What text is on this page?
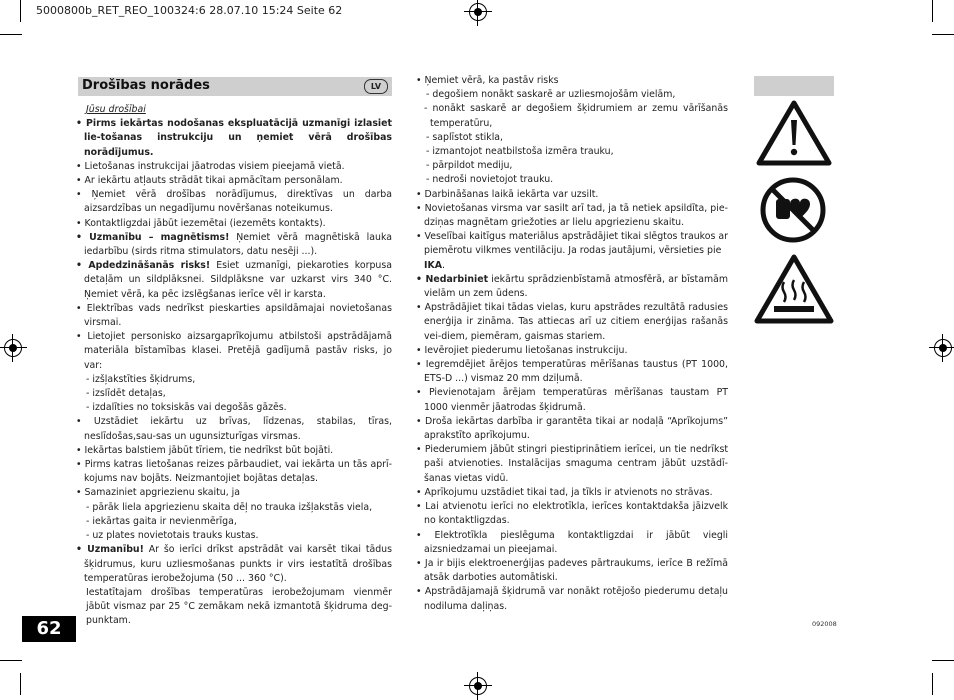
5000800b_RET_REO_100324:6 28.07.10 15:24 Seite 62
Drošības norādes	LV

Jūsu drošībai

• Pirms iekārtas nodošanas ekspluatācijā uzmanīgi izlasiet lie-tošanas instrukciju un ņemiet vērā drošības norādījumus.

• Lietošanas instrukcijai jāatrodas visiem pieejamā vietā.

• Ar iekārtu atļauts strādāt tikai apmācītam personālam.

• Ņemiet vērā drošības norādījumus, direktīvas un darba aizsardzības un negadījumu novēršanas noteikumus.

• Kontaktligzdai jābūt iezemētai (iezemēts kontakts).

• Uzmanību – magnētisms! Ņemiet vērā magnētiskā lauka iedarbību (sirds ritma stimulators, datu nesēji ...).

• Apdedzināšanās risks! Esiet uzmanīgi, piekaroties korpusa detaļām un sildplāksnei. Sildplāksne var uzkarst virs 340 °C. Ņemiet vērā, ka pēc izslēgšanas ierīce vēl ir karsta.

• Elektrības vads nedrīkst pieskarties apsildāmajai novietošanas virsmai.

• Lietojiet personisko aizsargaprīkojumu atbilstoši apstrādājamā materiāla bīstamības klasei. Pretējā gadījumā pastāv risks, jo var:

- izšļakstīties šķidrums,

- izslīdēt detaļas,

- izdalīties no toksiskās vai degošās gāzēs.

• Uzstādiet iekārtu uz brīvas, līdzenas, stabilas, tīras, neslīdošas,sau-sas un ugunsizturīgas virsmas.

• Iekārtas balstiem jābūt tīriem, tie nedrīkst būt bojāti.

• Pirms katras lietošanas reizes pārbaudiet, vai iekārta un tās aprī-kojums nav bojāts. Neizmantojiet bojātas detaļas.

• Samaziniet apgriezienu skaitu, ja

- pārāk liela apgriezienu skaita dēļ no trauka izšļakstās viela,

- iekārtas gaita ir nevienmērīga,

- uz plates novietotais trauks kustas.

• Uzmanību! Ar šo ierīci drīkst apstrādāt vai karsēt tikai tādus šķidrumus, kuru uzliesmošanas punkts ir virs iestatītā drošības temperatūras ierobežojuma (50 ... 360 °C).

Iestatītajam drošības temperatūras ierobežojumam vienmēr jābūt vismaz par 25 °C zemākam nekā izmantotā šķidruma deg-punktam.

• Ņemiet vērā, ka pastāv risks

- degošiem nonākt saskarē ar uzliesmojošām vielām,

- nonākt saskarē ar degošiem šķidrumiem ar zemu vārīšanās temperatūru,

- saplīstot stikla,

- izmantojot neatbilstoša izmēra trauku,

- pārpildot mediju,

- nedroši novietojot trauku.

• Darbināšanas laikā iekārta var uzsilt.

• Novietošanas virsma var sasilt arī tad, ja tā netiek apsildīta, pie-dziņas magnētam griežoties ar lielu apgriezienu skaitu.

• Veselībai kaitīgus materiālus apstrādājiet tikai slēgtos traukos ar piemērotu vilkmes ventilāciju. Ja rodas jautājumi, vērsieties pie
IKA.

• Nedarbiniet iekārtu sprādzienbīstamā atmosfērā, ar bīstamām vielām un zem ūdens.

• Apstrādājiet tikai tādas vielas, kuru apstrādes rezultātā radusies enerģija ir zināma. Tas attiecas arī uz citiem enerģijas rašanās vei-diem, piemēram, gaismas stariem.

• Ievērojiet piederumu lietošanas instrukciju.

• Iegremdējiet ārējos temperatūras mērīšanas taustus (PT 1000, ETS-D ...) vismaz 20 mm dziļumā.

• Pievienotajam ārējam temperatūras mērīšanas taustam PT 1000 vienmēr jāatrodas šķidrumā.

• Droša iekārtas darbība ir garantēta tikai ar nodaļā “Aprīkojums” aprakstīto aprīkojumu.

• Piederumiem jābūt stingri piestiprinātiem ierīcei, un tie nedrīkst paši atvienoties. Instalācijas smaguma centram jābūt uzstādī-šanas vietas vidū.

• Aprīkojumu uzstādiet tikai tad, ja tīkls ir atvienots no strāvas.

• Lai atvienotu ierīci no elektrotīkla, ierīces kontaktdakša jāizvelk no kontaktligzdas.

• Elektrotīkla pieslēguma kontaktligzdai ir jābūt viegli aizsniedzamai un pieejamai.

• Ja ir bijis elektroenerģijas padeves pārtraukums, ierīce B režīmā atsāk darboties automātiski.

• Apstrādājamajā šķidrumā var nonākt rotējošo piederumu detaļu nodiluma daļiņas.

62	092008
